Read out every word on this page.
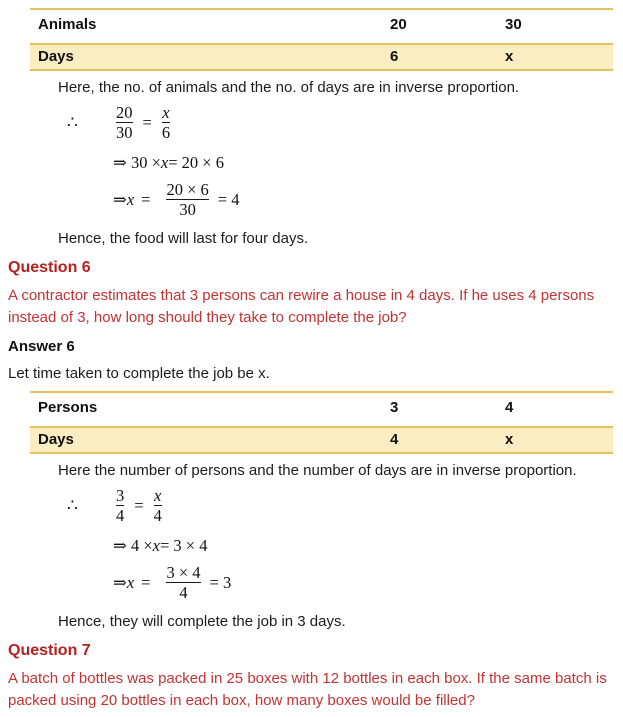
Animals	20	30
Days	6	x
Here, the no. of animals and the no. of days are in inverse proportion.
∴	$\frac{20}{30} = \frac{x}{6}$
⇒ 30 × x = 20 × 6
⇒ $x = \frac{20 \times 6}{30} = 4$
Hence, the food will last for four days.
Question 6
A contractor estimates that 3 persons can rewire a house in 4 days. If he uses 4 persons instead of 3, how long should they take to complete the job?
Answer 6
Let time taken to complete the job be x.
Persons	3	4
Days	4	x
Here the number of persons and the number of days are in inverse proportion.
∴	$\frac{3}{4} = \frac{x}{4}$
⇒ 4 × x = 3 × 4
⇒ $x = \frac{3 \times 4}{4} = 3$
Hence, they will complete the job in 3 days.
Question 7
A batch of bottles was packed in 25 boxes with 12 bottles in each box. If the same batch is packed using 20 bottles in each box, how many boxes would be filled?
